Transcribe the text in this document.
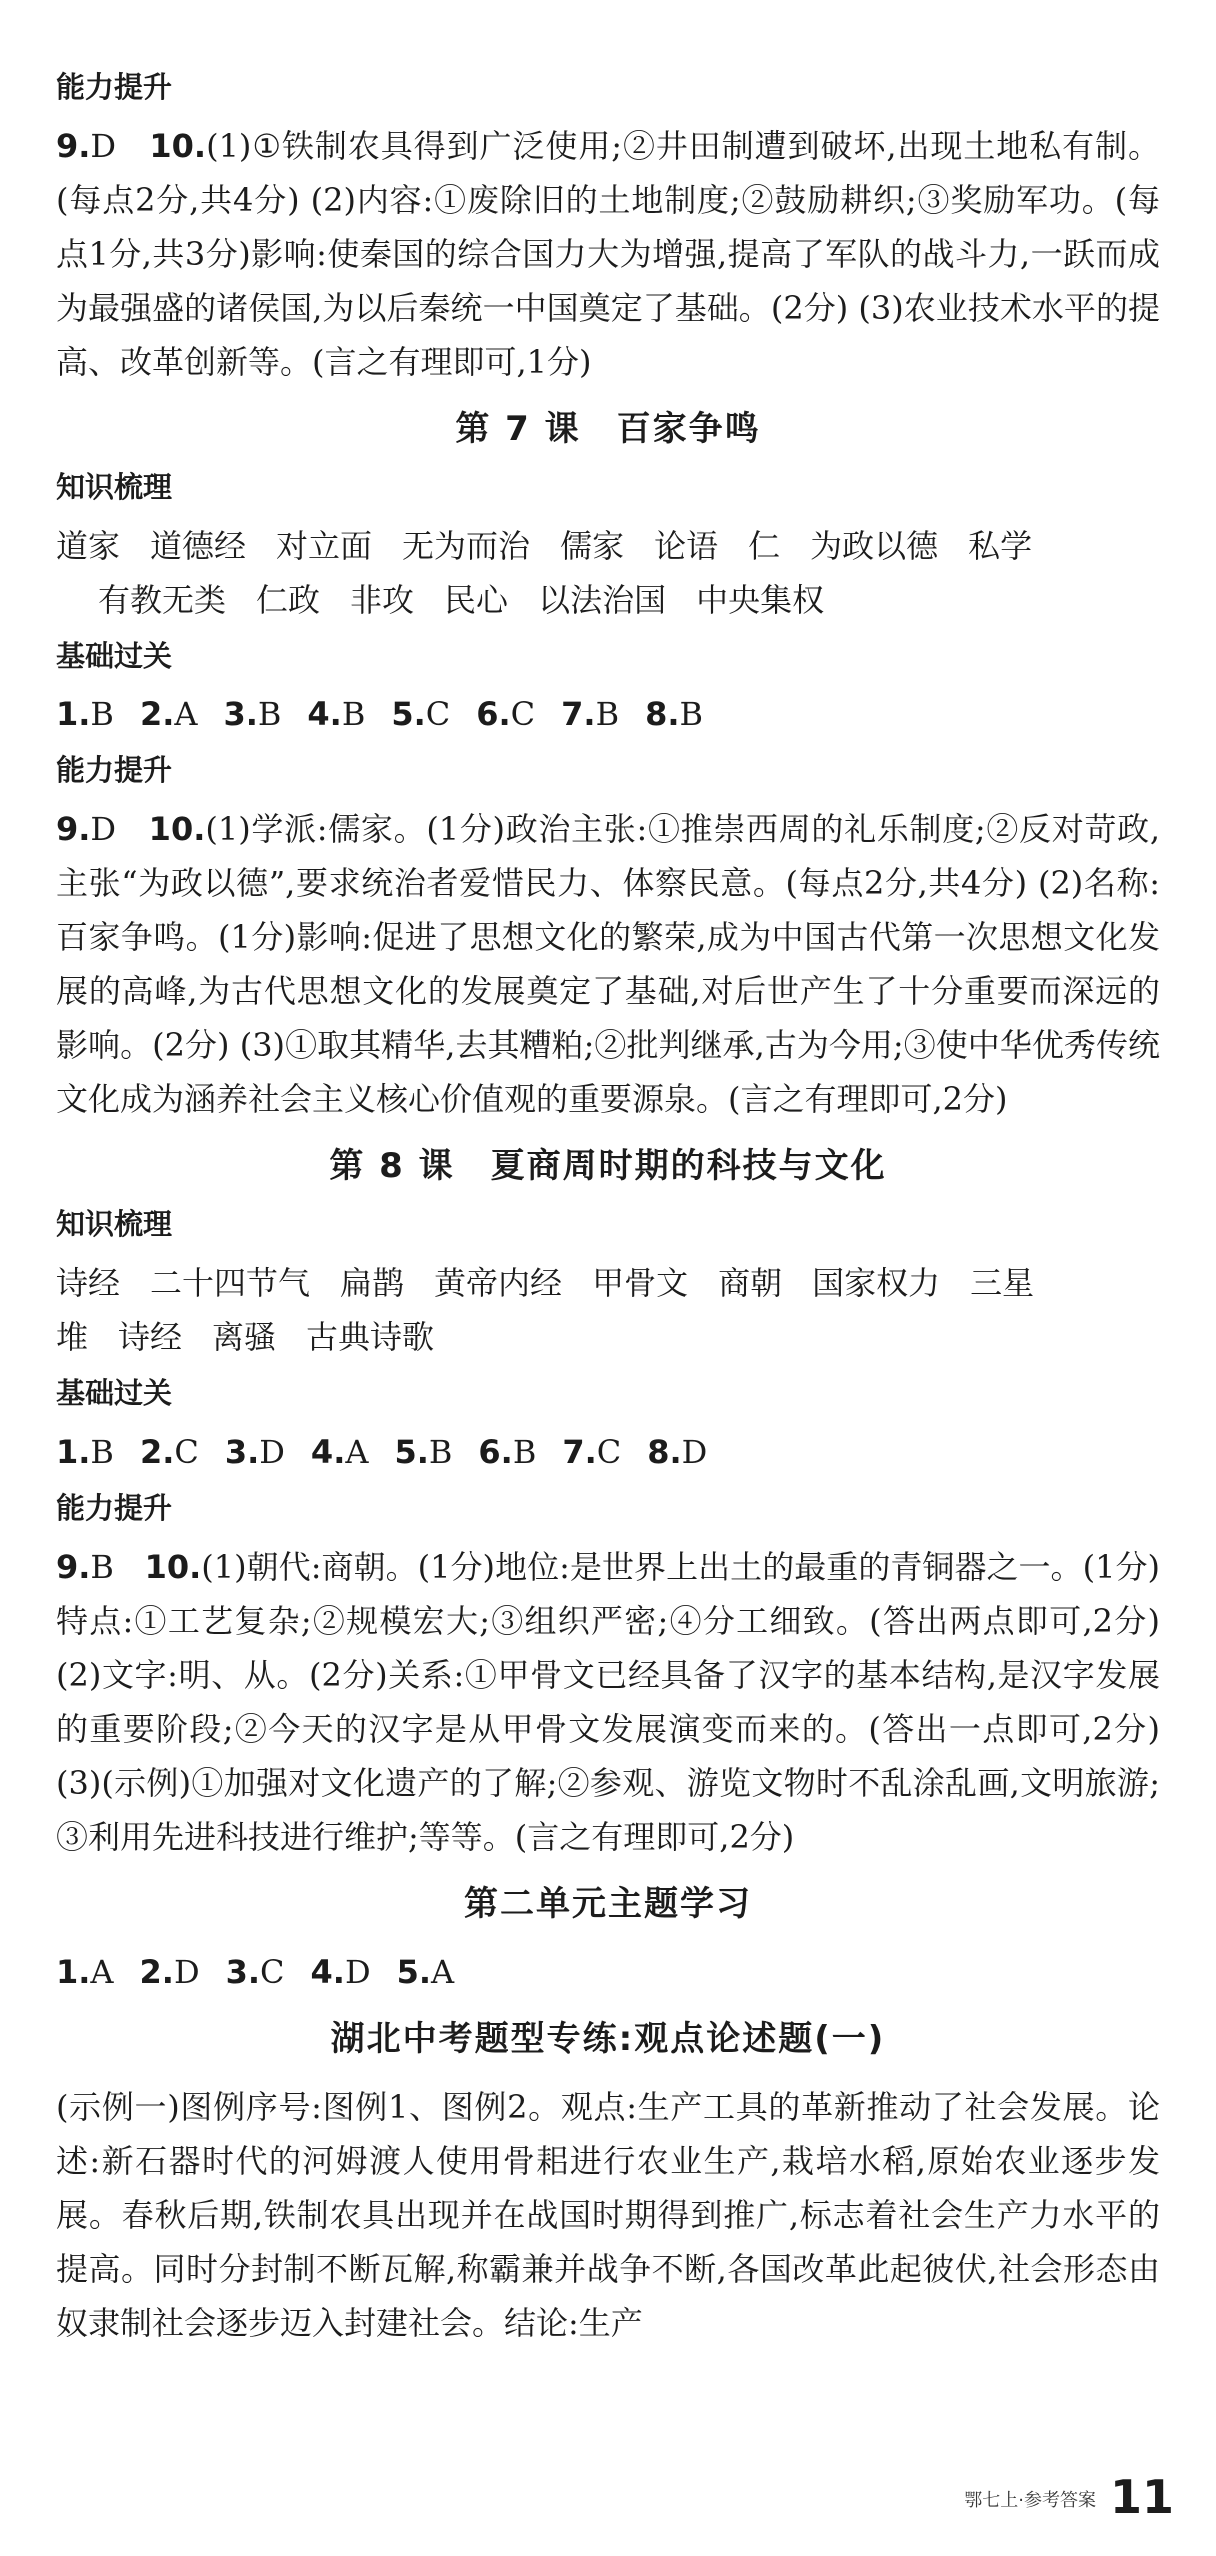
能力提升
9.D 10.(1)①铁制农具得到广泛使用;②井田制遭到破坏,出现土地私有制。(每点2分,共4分) (2)内容:①废除旧的土地制度;②鼓励耕织;③奖励军功。(每点1分,共3分)影响:使秦国的综合国力大为增强,提高了军队的战斗力,一跃而成为最强盛的诸侯国,为以后秦统一中国奠定了基础。(2分) (3)农业技术水平的提高、改革创新等。(言之有理即可,1分)
第 7 课　百家争鸣
知识梳理
道家 道德经 对立面 无为而治 儒家 论语 仁 为政以德 私学
有教无类 仁政 非攻 民心 以法治国 中央集权
基础过关
1.B 2.A 3.B 4.B 5.C 6.C 7.B 8.B
能力提升
9.D 10.(1)学派:儒家。(1分)政治主张:①推崇西周的礼乐制度;②反对苛政,主张“为政以德”,要求统治者爱惜民力、体察民意。(每点2分,共4分) (2)名称:百家争鸣。(1分)影响:促进了思想文化的繁荣,成为中国古代第一次思想文化发展的高峰,为古代思想文化的发展奠定了基础,对后世产生了十分重要而深远的影响。(2分) (3)①取其精华,去其糟粕;②批判继承,古为今用;③使中华优秀传统文化成为涵养社会主义核心价值观的重要源泉。(言之有理即可,2分)
第 8 课　夏商周时期的科技与文化
知识梳理
诗经 二十四节气 扁鹊 黄帝内经 甲骨文 商朝 国家权力 三星
堆 诗经 离骚 古典诗歌
基础过关
1.B 2.C 3.D 4.A 5.B 6.B 7.C 8.D
能力提升
9.B 10.(1)朝代:商朝。(1分)地位:是世界上出土的最重的青铜器之一。(1分)特点:①工艺复杂;②规模宏大;③组织严密;④分工细致。(答出两点即可,2分) (2)文字:明、从。(2分)关系:①甲骨文已经具备了汉字的基本结构,是汉字发展的重要阶段;②今天的汉字是从甲骨文发展演变而来的。(答出一点即可,2分) (3)(示例)①加强对文化遗产的了解;②参观、游览文物时不乱涂乱画,文明旅游;③利用先进科技进行维护;等等。(言之有理即可,2分)
第二单元主题学习
1.A 2.D 3.C 4.D 5.A
湖北中考题型专练:观点论述题(一)
(示例一)图例序号:图例1、图例2。观点:生产工具的革新推动了社会发展。论述:新石器时代的河姆渡人使用骨耜进行农业生产,栽培水稻,原始农业逐步发展。春秋后期,铁制农具出现并在战国时期得到推广,标志着社会生产力水平的提高。同时分封制不断瓦解,称霸兼并战争不断,各国改革此起彼伏,社会形态由奴隶制社会逐步迈入封建社会。结论:生产
鄂七上·参考答案 11
